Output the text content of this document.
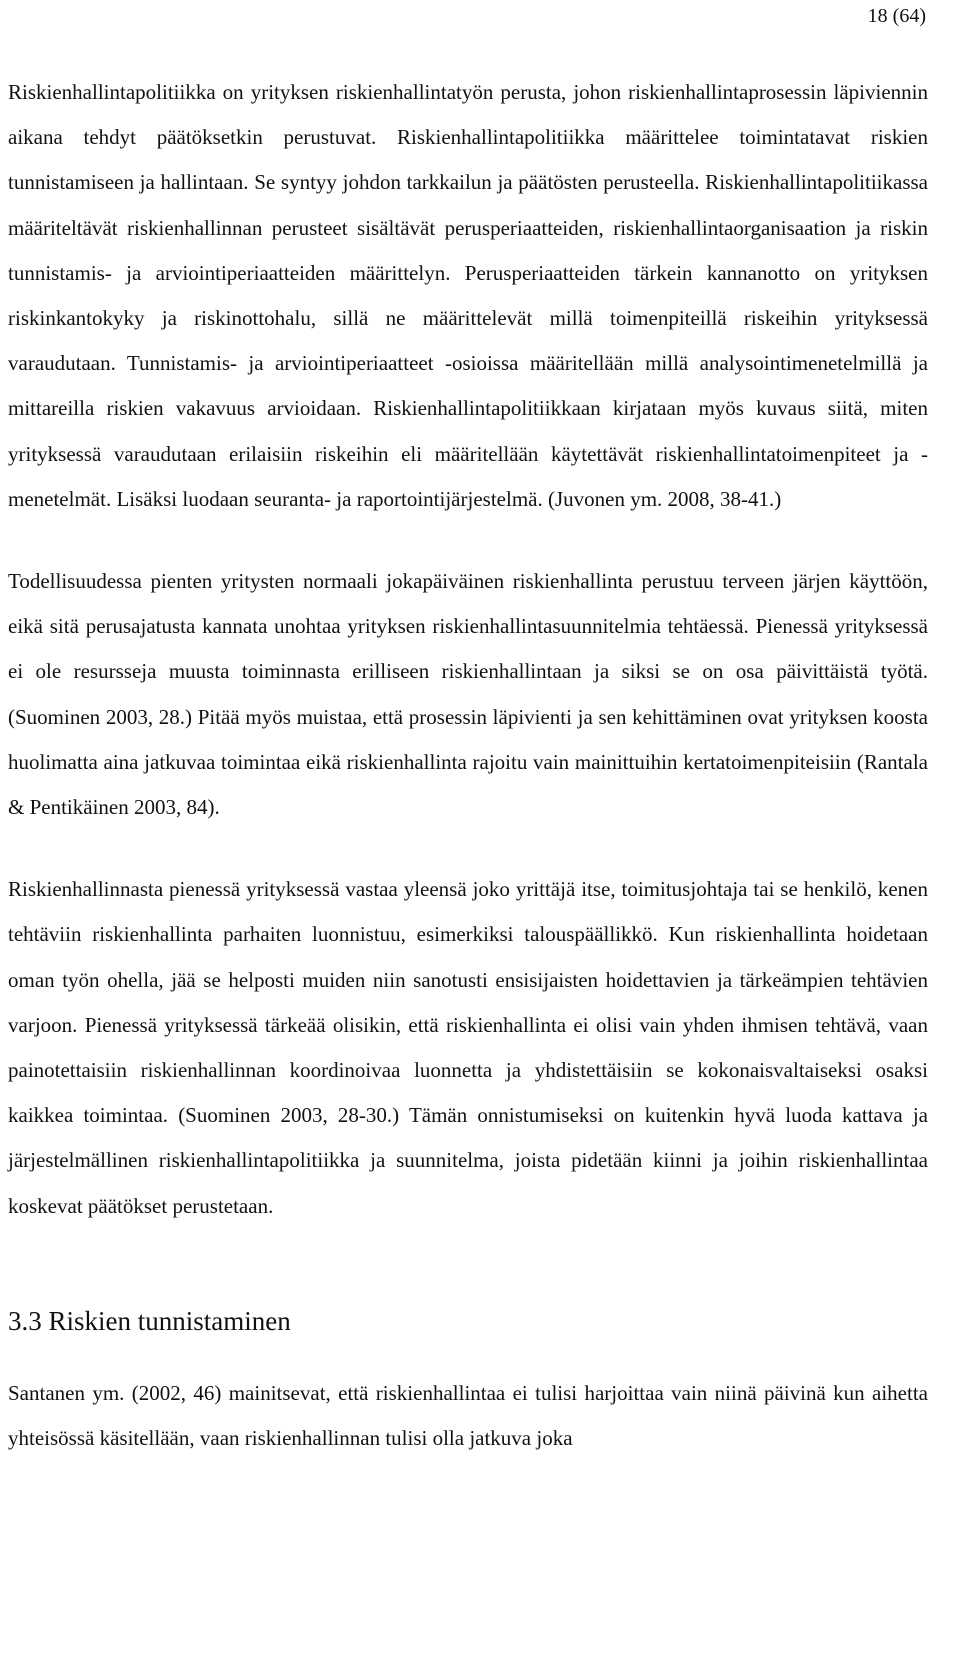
18 (64)

Riskienhallintapolitiikka on yrityksen riskienhallintatyön perusta, johon riskienhallintaprosessin läpiviennin aikana tehdyt päätöksetkin perustuvat. Riskienhallintapolitiikka määrittelee toimintatavat riskien tunnistamiseen ja hallintaan. Se syntyy johdon tarkkailun ja päätösten perusteella. Riskienhallintapolitiikassa määriteltävät riskienhallinnan perusteet sisältävät perusperiaatteiden, riskienhallintaorganisaation ja riskin tunnistamis- ja arviointiperiaatteiden määrittelyn. Perusperiaatteiden tärkein kannanotto on yrityksen riskinkantokyky ja riskinottohalu, sillä ne määrittelevät millä toimenpiteillä riskeihin yrityksessä varaudutaan. Tunnistamis- ja arviointiperiaatteet -osioissa määritellään millä analysointimenetelmillä ja mittareilla riskien vakavuus arvioidaan. Riskienhallintapolitiikkaan kirjataan myös kuvaus siitä, miten yrityksessä varaudutaan erilaisiin riskeihin eli määritellään käytettävät riskienhallintatoimenpiteet ja -menetelmät. Lisäksi luodaan seuranta- ja raportointijärjestelmä. (Juvonen ym. 2008, 38-41.)

Todellisuudessa pienten yritysten normaali jokapäiväinen riskienhallinta perustuu terveen järjen käyttöön, eikä sitä perusajatusta kannata unohtaa yrityksen riskienhallintasuunnitelmia tehtäessä. Pienessä yrityksessä ei ole resursseja muusta toiminnasta erilliseen riskienhallintaan ja siksi se on osa päivittäistä työtä. (Suominen 2003, 28.) Pitää myös muistaa, että prosessin läpivienti ja sen kehittäminen ovat yrityksen koosta huolimatta aina jatkuvaa toimintaa eikä riskienhallinta rajoitu vain mainittuihin kertatoimenpiteisiin (Rantala & Pentikäinen 2003, 84).

Riskienhallinnasta pienessä yrityksessä vastaa yleensä joko yrittäjä itse, toimitusjohtaja tai se henkilö, kenen tehtäviin riskienhallinta parhaiten luonnistuu, esimerkiksi talouspäällikkö. Kun riskienhallinta hoidetaan oman työn ohella, jää se helposti muiden niin sanotusti ensisijaisten hoidettavien ja tärkeämpien tehtävien varjoon. Pienessä yrityksessä tärkeää olisikin, että riskienhallinta ei olisi vain yhden ihmisen tehtävä, vaan painotettaisiin riskienhallinnan koordinoivaa luonnetta ja yhdistettäisiin se kokonaisvaltaiseksi osaksi kaikkea toimintaa. (Suominen 2003, 28-30.) Tämän onnistumiseksi on kuitenkin hyvä luoda kattava ja järjestelmällinen riskienhallintapolitiikka ja suunnitelma, joista pidetään kiinni ja joihin riskienhallintaa koskevat päätökset perustetaan.

3.3 Riskien tunnistaminen

Santanen ym. (2002, 46) mainitsevat, että riskienhallintaa ei tulisi harjoittaa vain niinä päivinä kun aihetta yhteisössä käsitellään, vaan riskienhallinnan tulisi olla jatkuva joka
